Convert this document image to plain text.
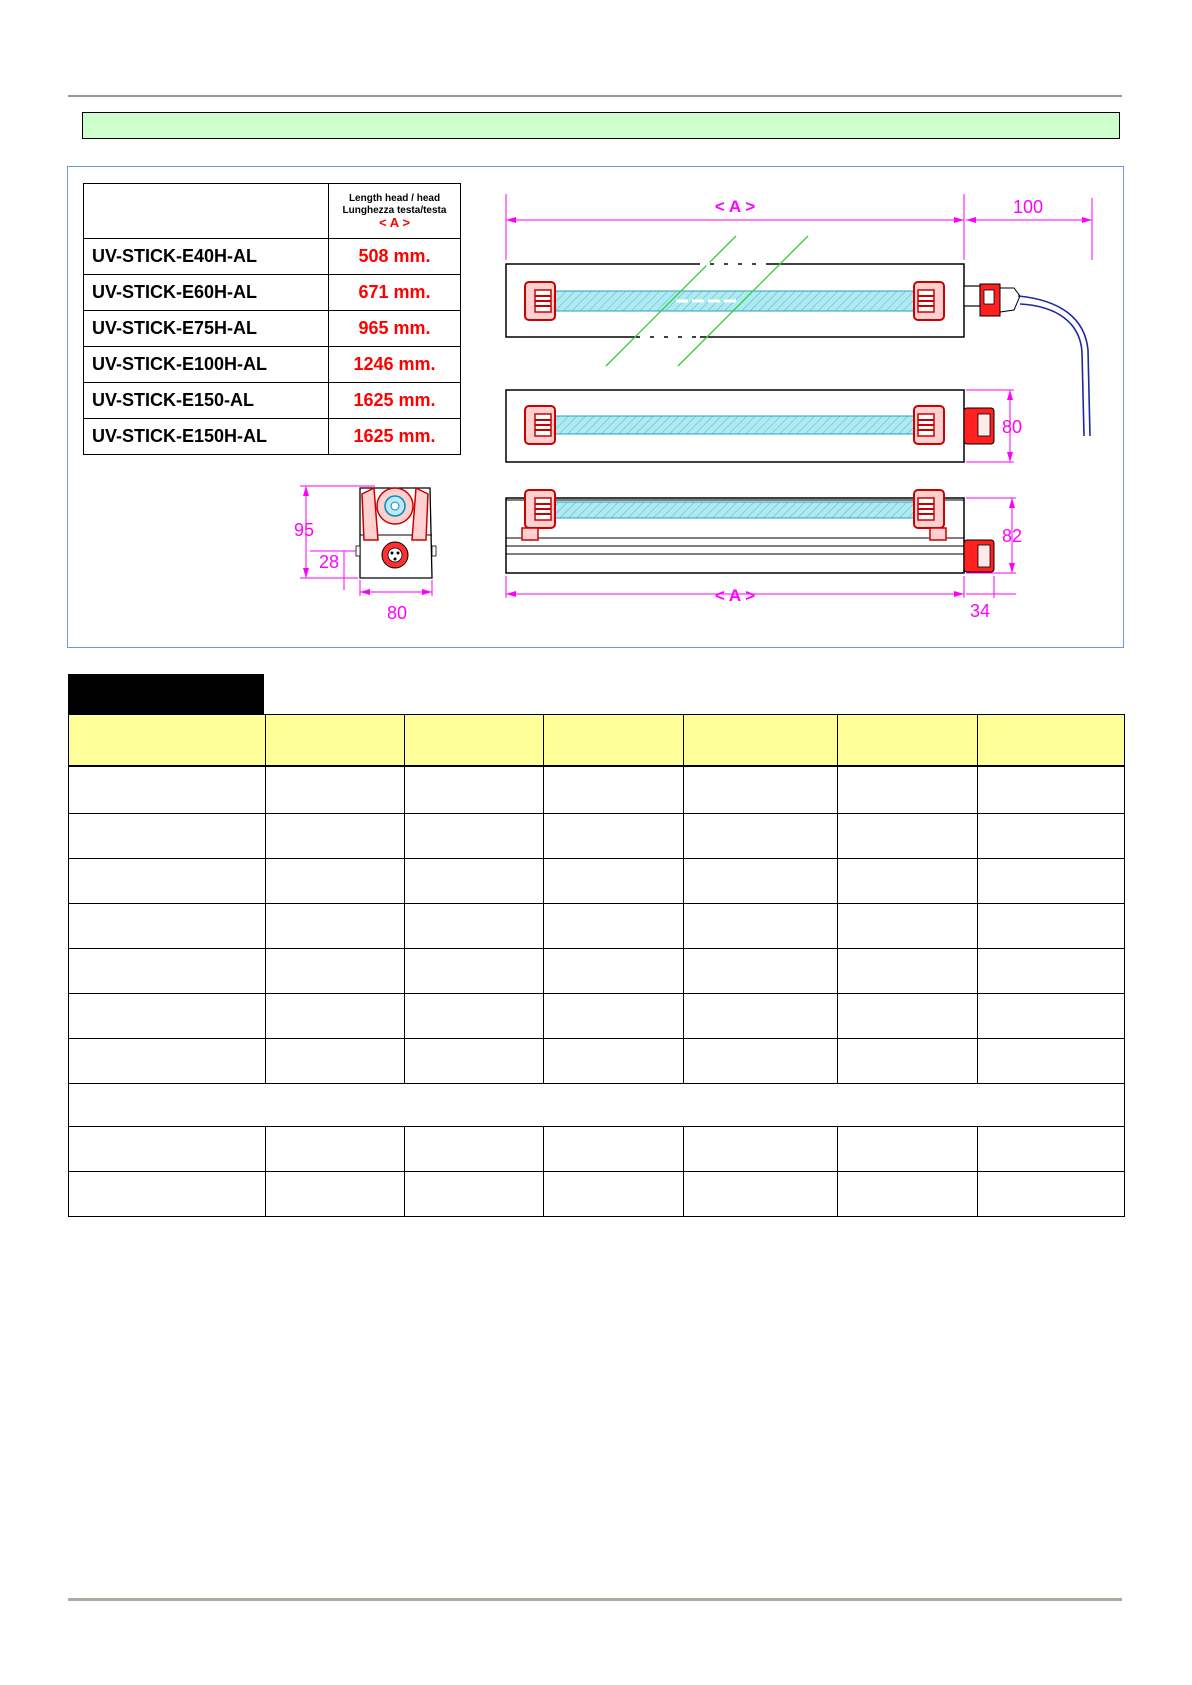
	Length head / head
Lunghezza testa/testa
< A >

UV-STICK-E40H-AL	508 mm.
UV-STICK-E60H-AL	671 mm.
UV-STICK-E75H-AL	965 mm.
UV-STICK-E100H-AL	1246 mm.
UV-STICK-E150-AL	1625 mm.
UV-STICK-E150H-AL	1625 mm.
< A >	100
80
82
< A >
34
95
28
80
